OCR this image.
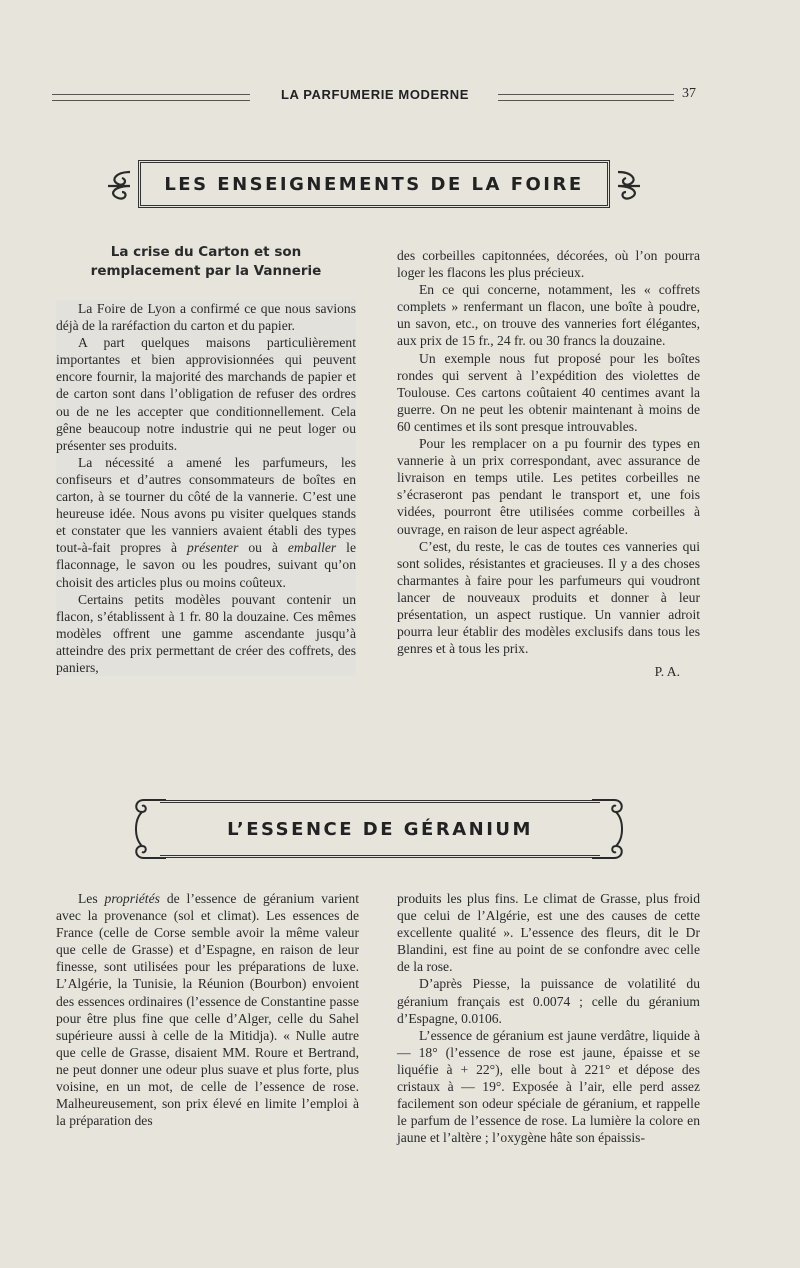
LA PARFUMERIE MODERNE	37
LES ENSEIGNEMENTS DE LA FOIRE
La crise du Carton et son
remplacement par la Vannerie

La Foire de Lyon a confirmé ce que nous savions déjà de la raréfaction du carton et du papier.

A part quelques maisons particulièrement importantes et bien approvisionnées qui peuvent encore fournir, la majorité des marchands de papier et de carton sont dans l’obligation de refuser des ordres ou de ne les accepter que conditionnellement. Cela gêne beaucoup notre industrie qui ne peut loger ou présenter ses produits.

La nécessité a amené les parfumeurs, les confiseurs et d’autres consommateurs de boîtes en carton, à se tourner du côté de la vannerie. C’est une heureuse idée. Nous avons pu visiter quelques stands et constater que les vanniers avaient établi des types tout-à-fait propres à présenter ou à emballer le flaconnage, le savon ou les poudres, suivant qu’on choisit des articles plus ou moins coûteux.

Certains petits modèles pouvant contenir un flacon, s’établissent à 1 fr. 80 la douzaine. Ces mêmes modèles offrent une gamme ascendante jusqu’à atteindre des prix permettant de créer des coffrets, des paniers,

des corbeilles capitonnées, décorées, où l’on pourra loger les flacons les plus précieux.

En ce qui concerne, notamment, les « coffrets complets » renfermant un flacon, une boîte à poudre, un savon, etc., on trouve des vanneries fort élégantes, aux prix de 15 fr., 24 fr. ou 30 francs la douzaine.

Un exemple nous fut proposé pour les boîtes rondes qui servent à l’expédition des violettes de Toulouse. Ces cartons coûtaient 40 centimes avant la guerre. On ne peut les obtenir maintenant à moins de 60 centimes et ils sont presque introuvables.

Pour les remplacer on a pu fournir des types en vannerie à un prix correspondant, avec assurance de livraison en temps utile. Les petites corbeilles ne s’écraseront pas pendant le transport et, une fois vidées, pourront être utilisées comme corbeilles à ouvrage, en raison de leur aspect agréable.

C’est, du reste, le cas de toutes ces vanneries qui sont solides, résistantes et gracieuses. Il y a des choses charmantes à faire pour les parfumeurs qui voudront lancer de nouveaux produits et donner à leur présentation, un aspect rustique. Un vannier adroit pourra leur établir des modèles exclusifs dans tous les genres et à tous les prix.

P. A.

L’ESSENCE DE GÉRANIUM

Les propriétés de l’essence de géranium varient avec la provenance (sol et climat). Les essences de France (celle de Corse semble avoir la même valeur que celle de Grasse) et d’Espagne, en raison de leur finesse, sont utilisées pour les préparations de luxe. L’Algérie, la Tunisie, la Réunion (Bourbon) envoient des essences ordinaires (l’essence de Constantine passe pour être plus fine que celle d’Alger, celle du Sahel supérieure aussi à celle de la Mitidja). « Nulle autre que celle de Grasse, disaient MM. Roure et Bertrand, ne peut donner une odeur plus suave et plus forte, plus voisine, en un mot, de celle de l’essence de rose. Malheureusement, son prix élevé en limite l’emploi à la préparation des

produits les plus fins. Le climat de Grasse, plus froid que celui de l’Algérie, est une des causes de cette excellente qualité ». L’essence des fleurs, dit le Dr Blandini, est fine au point de se confondre avec celle de la rose.

D’après Piesse, la puissance de volatilité du géranium français est 0.0074 ; celle du géranium d’Espagne, 0.0106.

L’essence de géranium est jaune verdâtre, liquide à — 18° (l’essence de rose est jaune, épaisse et se liquéfie à + 22°), elle bout à 221° et dépose des cristaux à — 19°. Exposée à l’air, elle perd assez facilement son odeur spéciale de géranium, et rappelle le parfum de l’essence de rose. La lumière la colore en jaune et l’altère ; l’oxygène hâte son épaissis-
